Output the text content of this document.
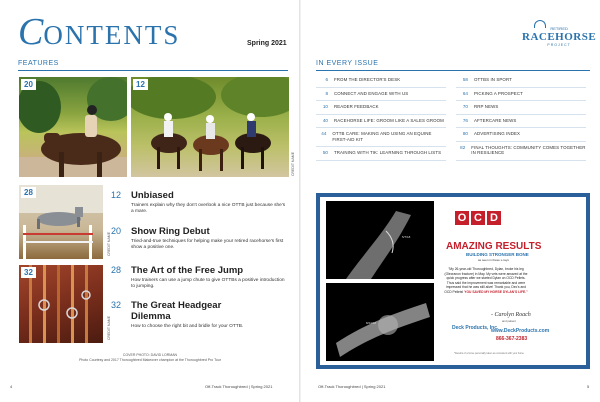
CONTENTS	Spring 2021
FEATURES
20	12
CREDIT NAME
28
CREDIT NAME
32
CREDIT NAME
12	Unbiased
Trainers explain why they don't overlook a nice OTTB just because she's a mare.
20	Show Ring Debut
Tried-and-true techniques for helping make your retired racehorse's first show a positive one.
28	The Art of the Free Jump
How trainers can use a jump chute to give OTTBs a positive introduction to jumping.
32	The Great Headgear Dilemma
How to choose the right bit and bridle for your OTTB.
COVER PHOTO: DAVID LORMAN
Photo Courtesy and 2017 Thoroughbred Makeover champion at the Thoroughbred Pro Tour
4	Off-Track Thoroughbred | Spring 2021
IN EVERY ISSUE
RETIRED
RACEHORSE
PROJECT
6	FROM THE DIRECTOR'S DESK
8	CONNECT AND ENGAGE WITH US
10	READER FEEDBACK
40	RACEHORSE LIFE: GROOM LIKE A SALES GROOM
44	OTTB CARE: MAKING AND USING AN EQUINE FIRST-AID KIT
50	TRAINING WITH TIK: LEARNING THROUGH LISTS
58	OTTBS IN SPORT
64	PICKING A PROSPECT
70	RRP NEWS
76	AFTERCARE NEWS
80	ADVERTISING INDEX
82	FINAL THOUGHTS: COMMUNITY COMES TOGETHER IN RESILIENCE
5/7/18
8/24/18
O C D
AMAZING RESULTS
BUILDING STRONGER BONE
as seen in these x-rays
"My 26-year-old Thoroughbred, Dylan, broke his leg (Olecranon fracture) in May. My vets were amazed at the quick progress after we started Dylan on OCD Pellets. Thus said the improvement was remarkable and were impressed that he was still alive! Thank you, Dec's and OCD Pellets! YOU SAVED MY HORSE DYLAN'S LIFE."
- Carolyn Roach
and patient
Deck Products, Inc.
www.DeckProducts.com
866-367-2383
*Results of a horse personally taken as consistent with your horse
Off-Track Thoroughbred | Spring 2021	5
